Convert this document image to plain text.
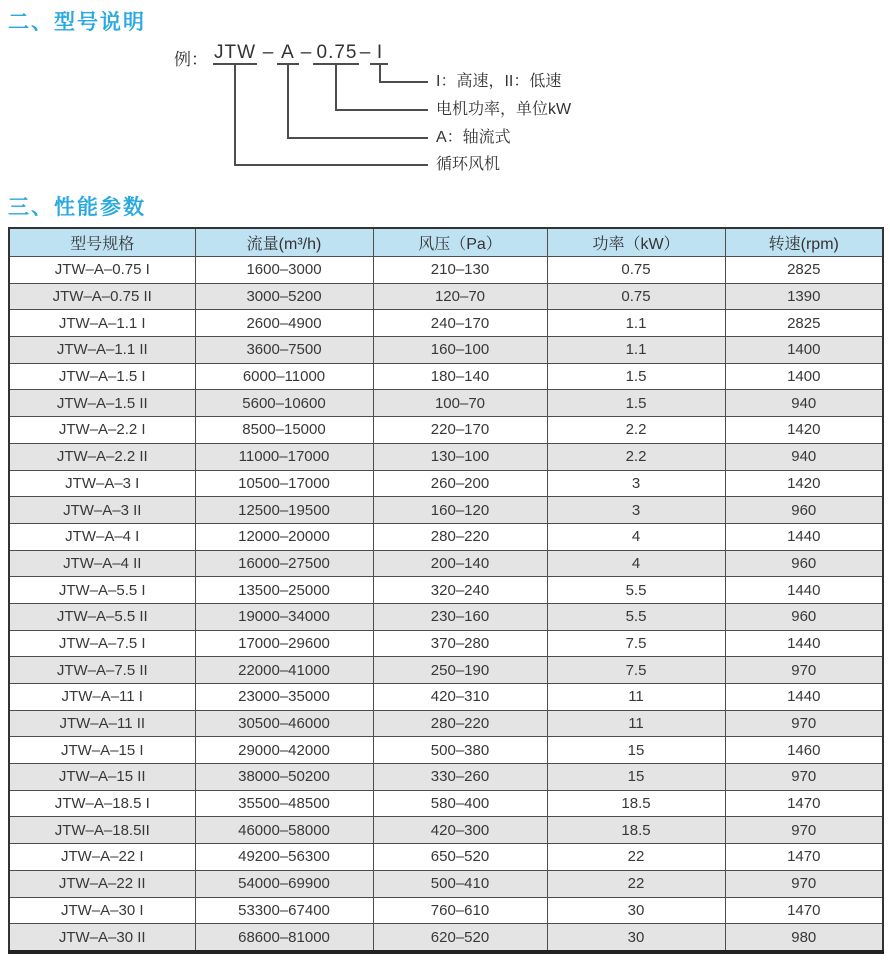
二、型号说明
例： JTW – A – 0.75 – I
I：高速，II：低速
电机功率，单位kW
A：轴流式
循环风机
三、性能参数
型号规格	流量(m³/h)	风压（Pa）	功率（kW）	转速(rpm)
JTW–A–0.75 I	1600–3000	210–130	0.75	2825
JTW–A–0.75 II	3000–5200	120–70	0.75	1390
JTW–A–1.1 I	2600–4900	240–170	1.1	2825
JTW–A–1.1 II	3600–7500	160–100	1.1	1400
JTW–A–1.5 I	6000–11000	180–140	1.5	1400
JTW–A–1.5 II	5600–10600	100–70	1.5	940
JTW–A–2.2 I	8500–15000	220–170	2.2	1420
JTW–A–2.2 II	11000–17000	130–100	2.2	940
JTW–A–3 I	10500–17000	260–200	3	1420
JTW–A–3 II	12500–19500	160–120	3	960
JTW–A–4 I	12000–20000	280–220	4	1440
JTW–A–4 II	16000–27500	200–140	4	960
JTW–A–5.5 I	13500–25000	320–240	5.5	1440
JTW–A–5.5 II	19000–34000	230–160	5.5	960
JTW–A–7.5 I	17000–29600	370–280	7.5	1440
JTW–A–7.5 II	22000–41000	250–190	7.5	970
JTW–A–11 I	23000–35000	420–310	11	1440
JTW–A–11 II	30500–46000	280–220	11	970
JTW–A–15 I	29000–42000	500–380	15	1460
JTW–A–15 II	38000–50200	330–260	15	970
JTW–A–18.5 I	35500–48500	580–400	18.5	1470
JTW–A–18.5II	46000–58000	420–300	18.5	970
JTW–A–22 I	49200–56300	650–520	22	1470
JTW–A–22 II	54000–69900	500–410	22	970
JTW–A–30 I	53300–67400	760–610	30	1470
JTW–A–30 II	68600–81000	620–520	30	980
